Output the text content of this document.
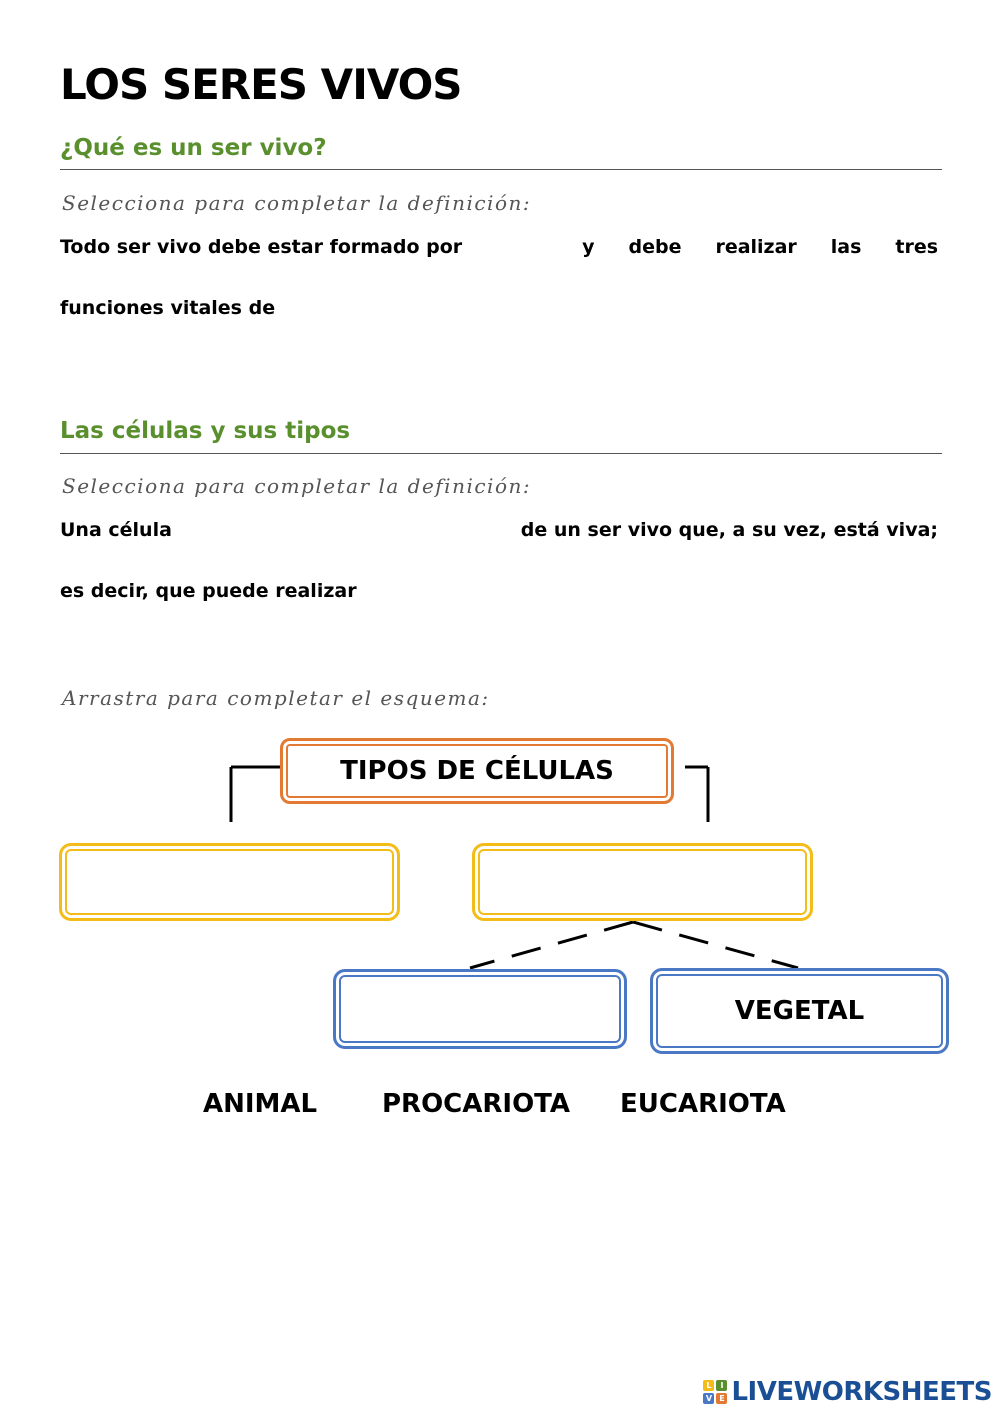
LOS SERES VIVOS
¿Qué es un ser vivo?
Selecciona para completar la definición:
Todo ser vivo debe estar formado por	y debe realizar las tres
funciones vitales de
Las células y sus tipos
Selecciona para completar la definición:
Una célula	de un ser vivo que, a su vez, está viva;
es decir, que puede realizar
Arrastra para completar el esquema:
TIPOS DE CÉLULAS
VEGETAL
ANIMAL PROCARIOTA EUCARIOTA
L	I
V E LIVEWORKSHEETS
